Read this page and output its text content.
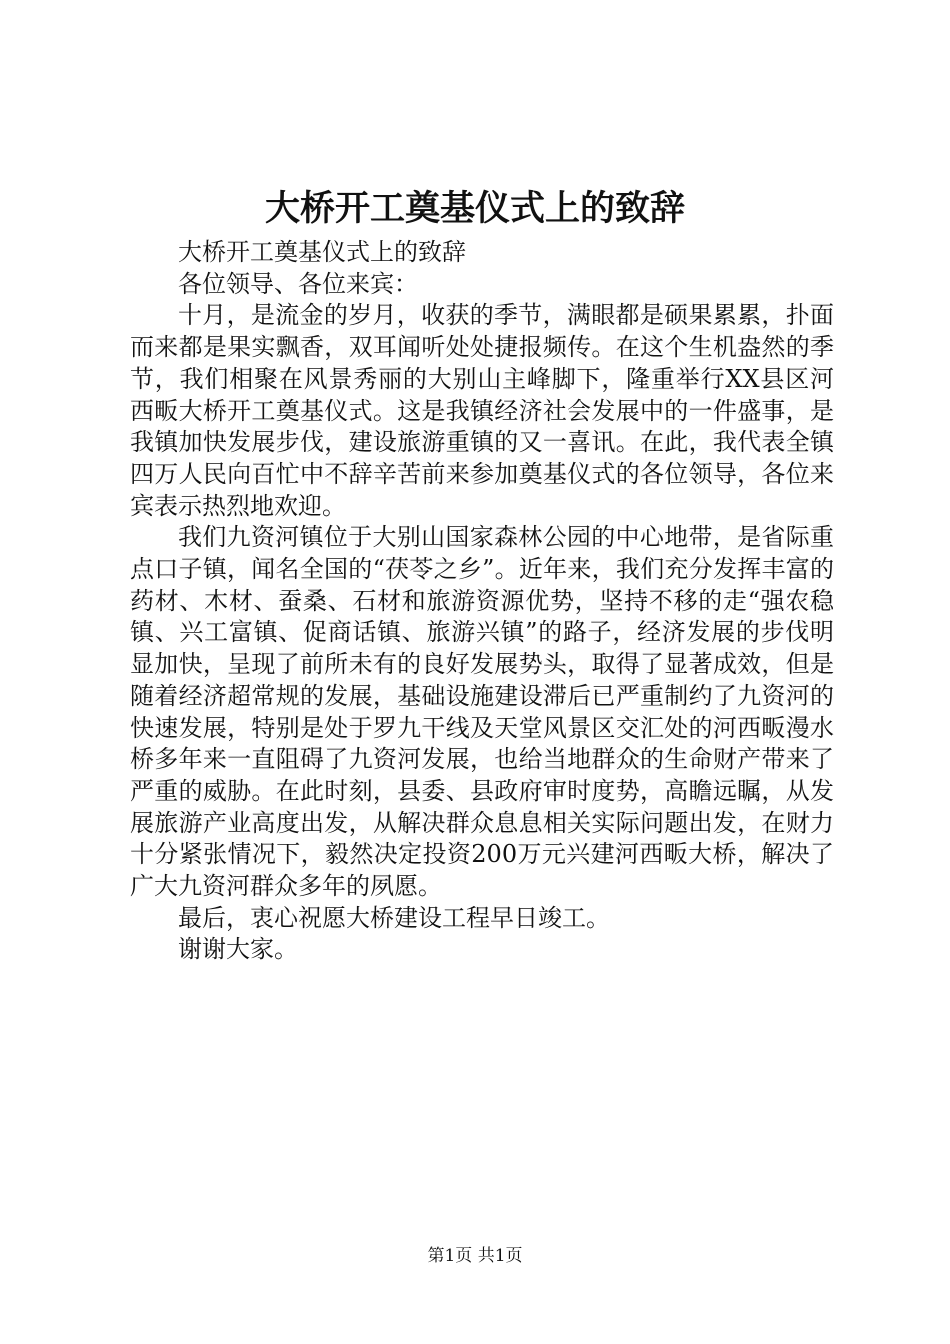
大桥开工奠基仪式上的致辞

大桥开工奠基仪式上的致辞

各位领导、各位来宾：

十月，是流金的岁月，收获的季节，满眼都是硕果累累，扑面而来都是果实飘香，双耳闻听处处捷报频传。在这个生机盎然的季节，我们相聚在风景秀丽的大别山主峰脚下，隆重举行XX县区河西畈大桥开工奠基仪式。这是我镇经济社会发展中的一件盛事，是我镇加快发展步伐，建设旅游重镇的又一喜讯。在此，我代表全镇四万人民向百忙中不辞辛苦前来参加奠基仪式的各位领导，各位来宾表示热烈地欢迎。

我们九资河镇位于大别山国家森林公园的中心地带，是省际重点口子镇，闻名全国的“茯苓之乡”。近年来，我们充分发挥丰富的药材、木材、蚕桑、石材和旅游资源优势，坚持不移的走“强农稳镇、兴工富镇、促商话镇、旅游兴镇”的路子，经济发展的步伐明显加快，呈现了前所未有的良好发展势头，取得了显著成效，但是随着经济超常规的发展，基础设施建设滞后已严重制约了九资河的快速发展，特别是处于罗九干线及天堂风景区交汇处的河西畈漫水桥多年来一直阻碍了九资河发展，也给当地群众的生命财产带来了严重的威胁。在此时刻，县委、县政府审时度势，高瞻远瞩，从发展旅游产业高度出发，从解决群众息息相关实际问题出发，在财力十分紧张情况下，毅然决定投资200万元兴建河西畈大桥，解决了广大九资河群众多年的夙愿。

最后，衷心祝愿大桥建设工程早日竣工。

谢谢大家。

第1页 共1页
